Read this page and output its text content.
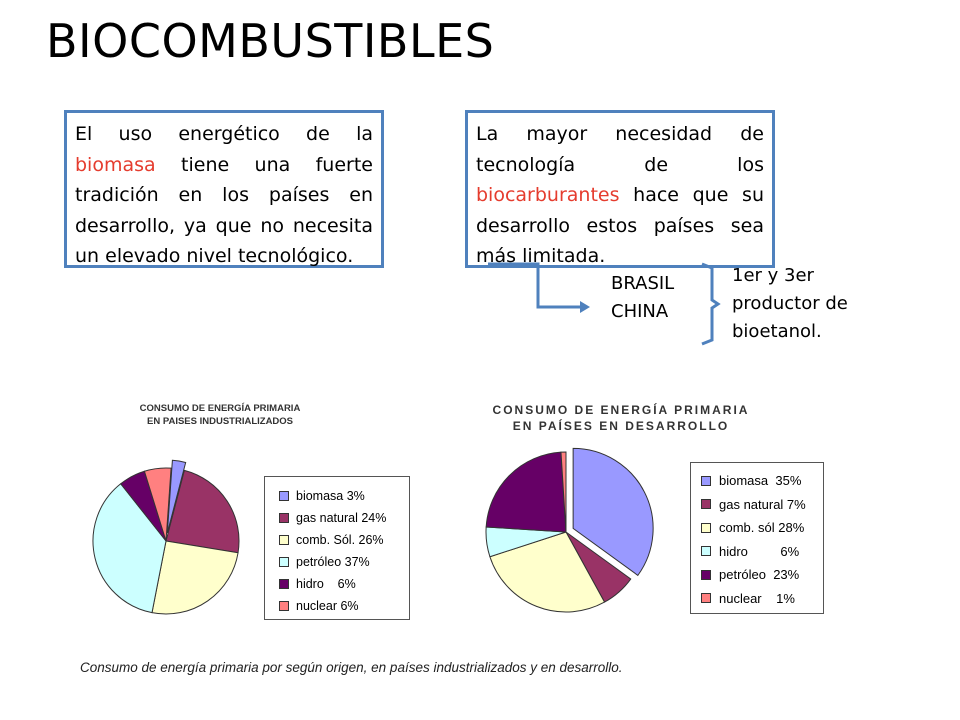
BIOCOMBUSTIBLES
El uso energético de la biomasa tiene una fuerte tradición en los países en desarrollo, ya que no necesita un elevado nivel tecnológico.
La mayor necesidad de tecnología de los biocarburantes hace que su desarrollo estos países sea más limitada.
BRASIL
CHINA
1er y 3er
productor de
bioetanol.
CONSUMO DE ENERGÍA PRIMARIA
EN PAISES INDUSTRIALIZADOS
biomasa 3%
gas natural 24%
comb. Sól. 26%
petróleo 37%
hidro    6%
nuclear 6%
CONSUMO DE ENERGÍA PRIMARIA
EN PAÍSES EN DESARROLLO
biomasa  35%
gas natural 7%
comb. sól 28%
hidro         6%
petróleo  23%
nuclear    1%
Consumo de energía primaria por según origen, en países industrializados y en desarrollo.
